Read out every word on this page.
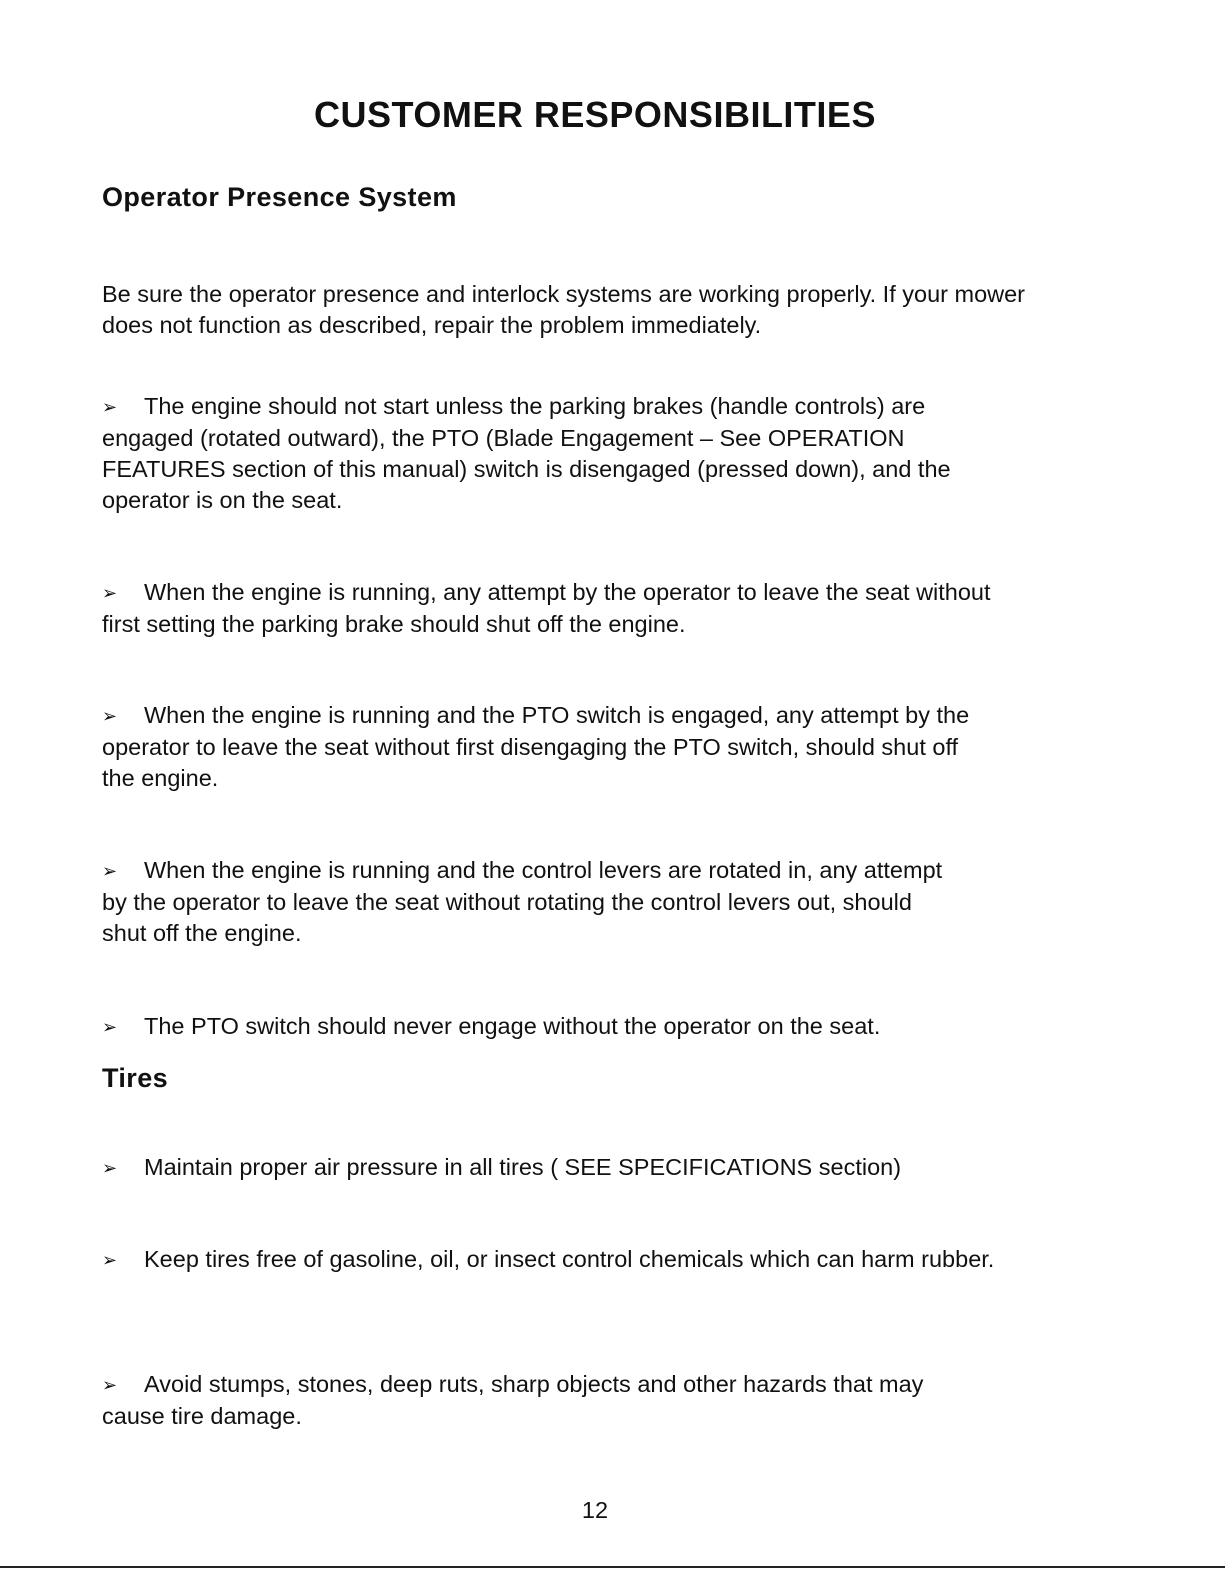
CUSTOMER RESPONSIBILITIES
Operator Presence System
Be sure the operator presence and interlock systems are working properly. If your mower does not function as described, repair the problem immediately.
➢ The engine should not start unless the parking brakes (handle controls) are engaged (rotated outward), the PTO (Blade Engagement – See OPERATION FEATURES section of this manual) switch is disengaged (pressed down), and the operator is on the seat.
➢ When the engine is running, any attempt by the operator to leave the seat without first setting the parking brake should shut off the engine.
➢ When the engine is running and the PTO switch is engaged, any attempt by the operator to leave the seat without first disengaging the PTO switch, should shut off the engine.
➢ When the engine is running and the control levers are rotated in, any attempt by the operator to leave the seat without rotating the control levers out, should shut off the engine.
➢ The PTO switch should never engage without the operator on the seat.
Tires
➢ Maintain proper air pressure in all tires ( SEE SPECIFICATIONS section)
➢ Keep tires free of gasoline, oil, or insect control chemicals which can harm rubber.
➢ Avoid stumps, stones, deep ruts, sharp objects and other hazards that may cause tire damage.
12
